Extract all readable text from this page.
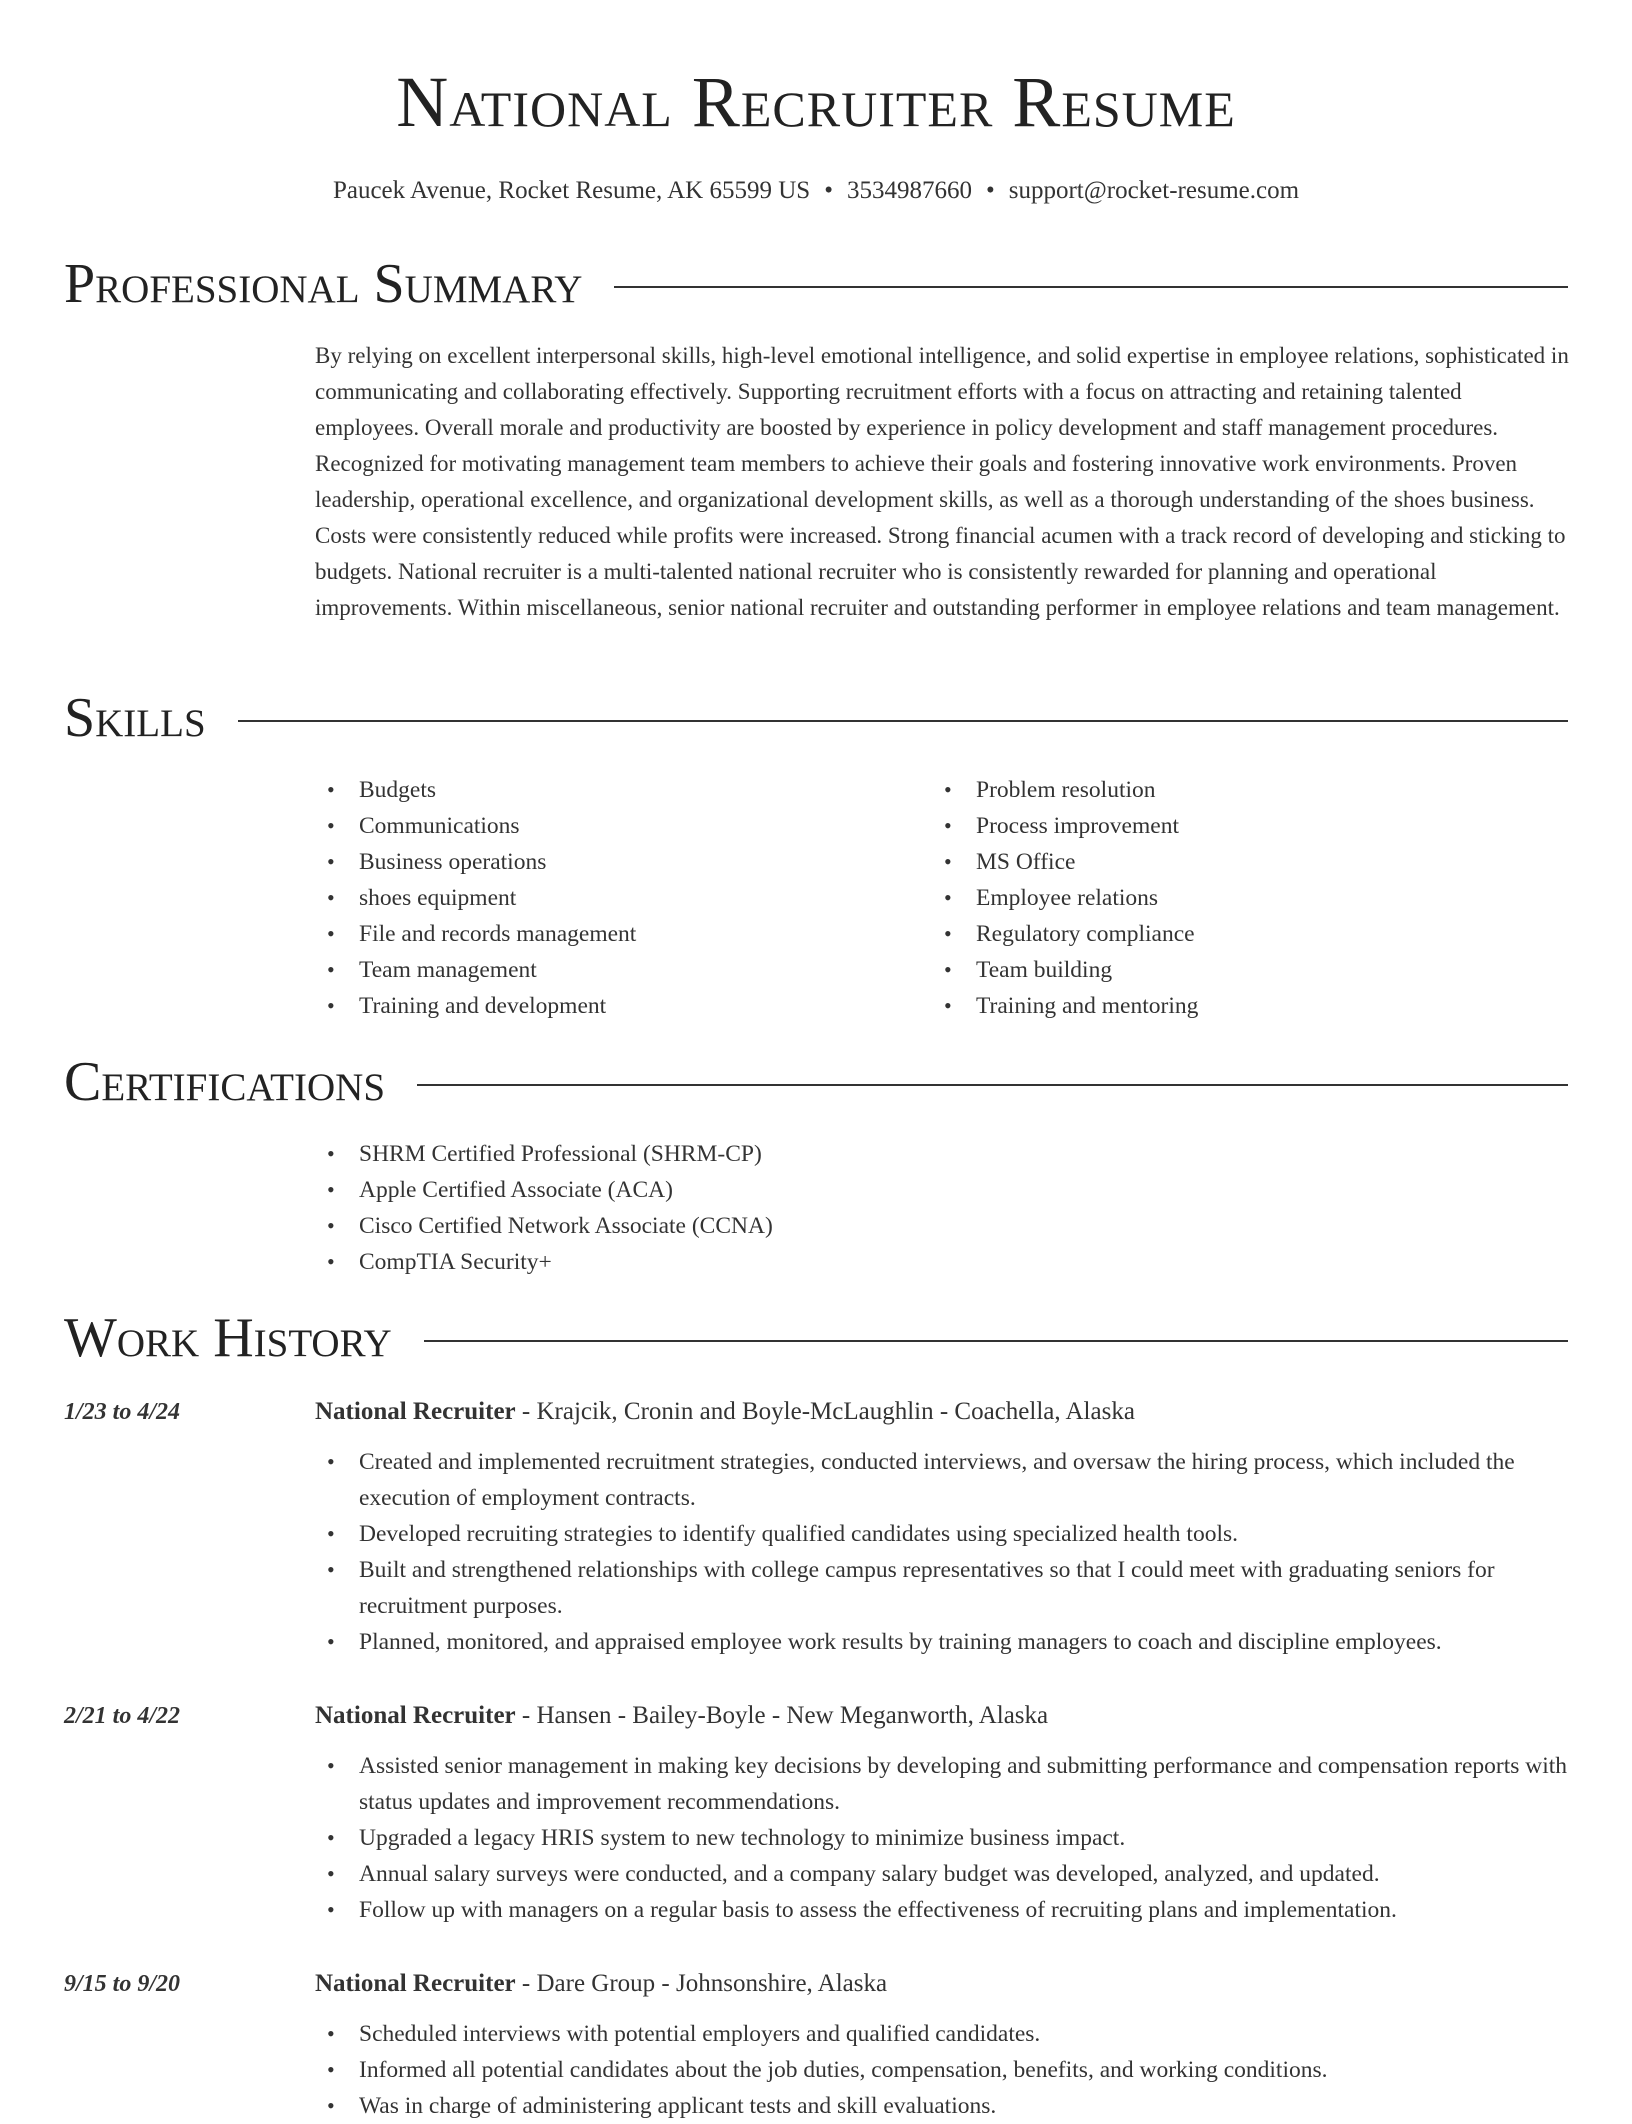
National Recruiter Resume
Paucek Avenue, Rocket Resume, AK 65599 US • 3534987660 • support@rocket-resume.com
Professional Summary

By relying on excellent interpersonal skills, high-level emotional intelligence, and solid expertise in employee relations, sophisticated in communicating and collaborating effectively. Supporting recruitment efforts with a focus on attracting and retaining talented employees. Overall morale and productivity are boosted by experience in policy development and staff management procedures. Recognized for motivating management team members to achieve their goals and fostering innovative work environments. Proven leadership, operational excellence, and organizational development skills, as well as a thorough understanding of the shoes business. Costs were consistently reduced while profits were increased. Strong financial acumen with a track record of developing and sticking to budgets. National recruiter is a multi-talented national recruiter who is consistently rewarded for planning and operational improvements. Within miscellaneous, senior national recruiter and outstanding performer in employee relations and team management.

Skills
• Budgets
• Communications
• Business operations
• shoes equipment
• File and records management
• Team management
• Training and development
• Problem resolution
• Process improvement
• MS Office
• Employee relations
• Regulatory compliance
• Team building
• Training and mentoring
Certifications
• SHRM Certified Professional (SHRM-CP)
• Apple Certified Associate (ACA)
• Cisco Certified Network Associate (CCNA)
• CompTIA Security+
Work History
1/23 to 4/24	National Recruiter - Krajcik, Cronin and Boyle-McLaughlin - Coachella, Alaska
• Created and implemented recruitment strategies, conducted interviews, and oversaw the hiring process, which included the execution of employment contracts.
• Developed recruiting strategies to identify qualified candidates using specialized health tools.
• Built and strengthened relationships with college campus representatives so that I could meet with graduating seniors for recruitment purposes.
• Planned, monitored, and appraised employee work results by training managers to coach and discipline employees.
2/21 to 4/22	National Recruiter - Hansen - Bailey-Boyle - New Meganworth, Alaska
• Assisted senior management in making key decisions by developing and submitting performance and compensation reports with status updates and improvement recommendations.
• Upgraded a legacy HRIS system to new technology to minimize business impact.
• Annual salary surveys were conducted, and a company salary budget was developed, analyzed, and updated.
• Follow up with managers on a regular basis to assess the effectiveness of recruiting plans and implementation.
9/15 to 9/20	National Recruiter - Dare Group - Johnsonshire, Alaska
• Scheduled interviews with potential employers and qualified candidates.
• Informed all potential candidates about the job duties, compensation, benefits, and working conditions.
• Was in charge of administering applicant tests and skill evaluations.
